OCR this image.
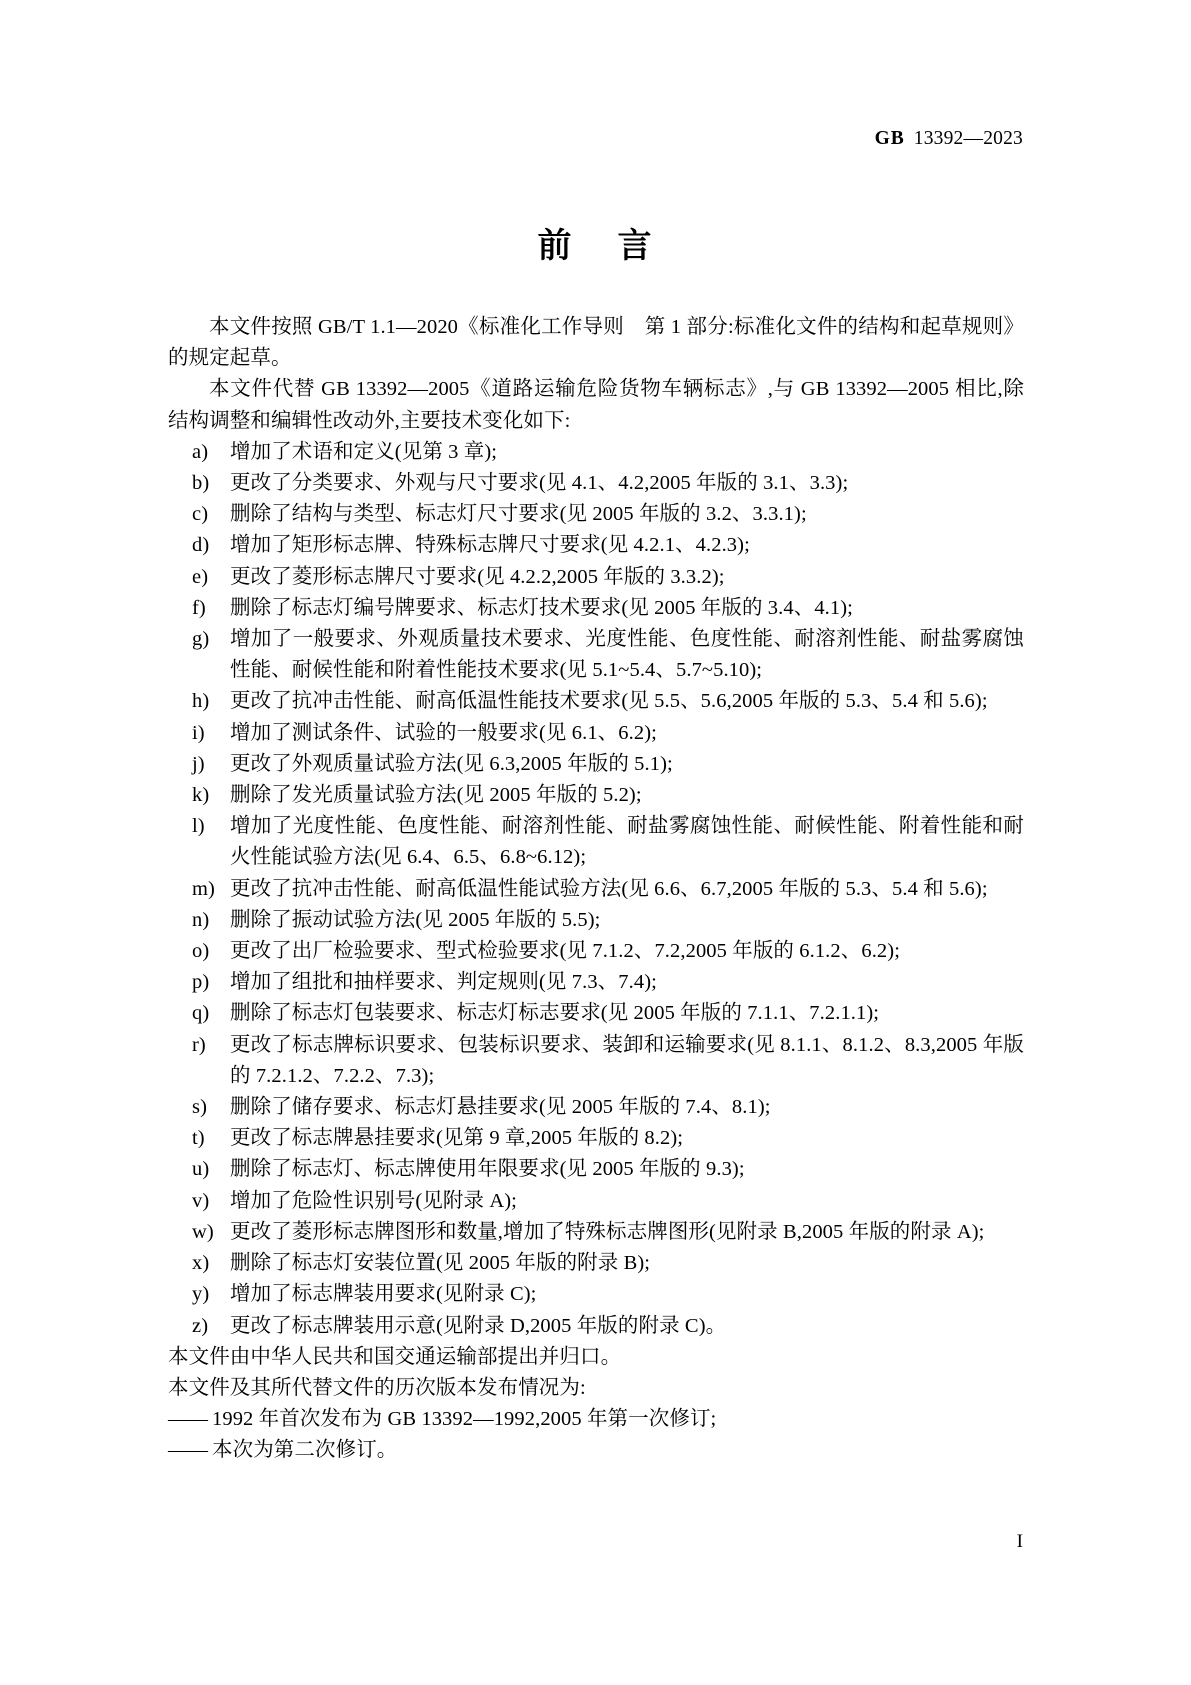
GB 13392—2023
前 言

本文件按照 GB/T 1.1—2020《标准化工作导则　第 1 部分:标准化文件的结构和起草规则》的规定起草。

本文件代替 GB 13392—2005《道路运输危险货物车辆标志》,与 GB 13392—2005 相比,除结构调整和编辑性改动外,主要技术变化如下:

a)	增加了术语和定义(见第 3 章);
b)	更改了分类要求、外观与尺寸要求(见 4.1、4.2,2005 年版的 3.1、3.3);
c)	删除了结构与类型、标志灯尺寸要求(见 2005 年版的 3.2、3.3.1);
d)	增加了矩形标志牌、特殊标志牌尺寸要求(见 4.2.1、4.2.3);
e)	更改了菱形标志牌尺寸要求(见 4.2.2,2005 年版的 3.3.2);
f)	删除了标志灯编号牌要求、标志灯技术要求(见 2005 年版的 3.4、4.1);
g)	增加了一般要求、外观质量技术要求、光度性能、色度性能、耐溶剂性能、耐盐雾腐蚀性能、耐候性能和附着性能技术要求(见 5.1~5.4、5.7~5.10);
h)	更改了抗冲击性能、耐高低温性能技术要求(见 5.5、5.6,2005 年版的 5.3、5.4 和 5.6);
i)	增加了测试条件、试验的一般要求(见 6.1、6.2);
j)	更改了外观质量试验方法(见 6.3,2005 年版的 5.1);
k)	删除了发光质量试验方法(见 2005 年版的 5.2);
l)	增加了光度性能、色度性能、耐溶剂性能、耐盐雾腐蚀性能、耐候性能、附着性能和耐火性能试验方法(见 6.4、6.5、6.8~6.12);
m) 更改了抗冲击性能、耐高低温性能试验方法(见 6.6、6.7,2005 年版的 5.3、5.4 和 5.6);
n)	删除了振动试验方法(见 2005 年版的 5.5);
o)	更改了出厂检验要求、型式检验要求(见 7.1.2、7.2,2005 年版的 6.1.2、6.2);
p)	增加了组批和抽样要求、判定规则(见 7.3、7.4);
q)	删除了标志灯包装要求、标志灯标志要求(见 2005 年版的 7.1.1、7.2.1.1);
r)	更改了标志牌标识要求、包装标识要求、装卸和运输要求(见 8.1.1、8.1.2、8.3,2005 年版的 7.2.1.2、7.2.2、7.3);
s)	删除了储存要求、标志灯悬挂要求(见 2005 年版的 7.4、8.1);
t)	更改了标志牌悬挂要求(见第 9 章,2005 年版的 8.2);
u)	删除了标志灯、标志牌使用年限要求(见 2005 年版的 9.3);
v)	增加了危险性识别号(见附录 A);
w) 更改了菱形标志牌图形和数量,增加了特殊标志牌图形(见附录 B,2005 年版的附录 A);
x)	删除了标志灯安装位置(见 2005 年版的附录 B);
y)	增加了标志牌装用要求(见附录 C);
z)	更改了标志牌装用示意(见附录 D,2005 年版的附录 C)。

本文件由中华人民共和国交通运输部提出并归口。

本文件及其所代替文件的历次版本发布情况为:

—— 1992 年首次发布为 GB 13392—1992,2005 年第一次修订;
—— 本次为第二次修订。
I
